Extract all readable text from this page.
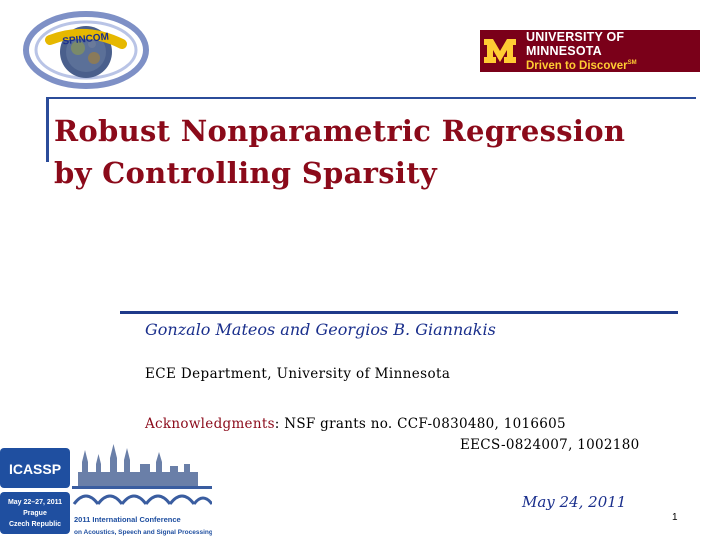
SPINCOM	UNIVERSITY OF MINNESOTA
Driven to Discover℠
Robust Nonparametric Regression
by Controlling Sparsity
Gonzalo Mateos and Georgios B. Giannakis
ECE Department, University of Minnesota
Acknowledgments: NSF grants no. CCF-0830480, 1016605
EECS-0824007, 1002180
May 24, 2011
1
ICASSP
May 22–27, 2011
Prague
Czech Republic
2011 International Conference
on Acoustics, Speech and Signal Processing
